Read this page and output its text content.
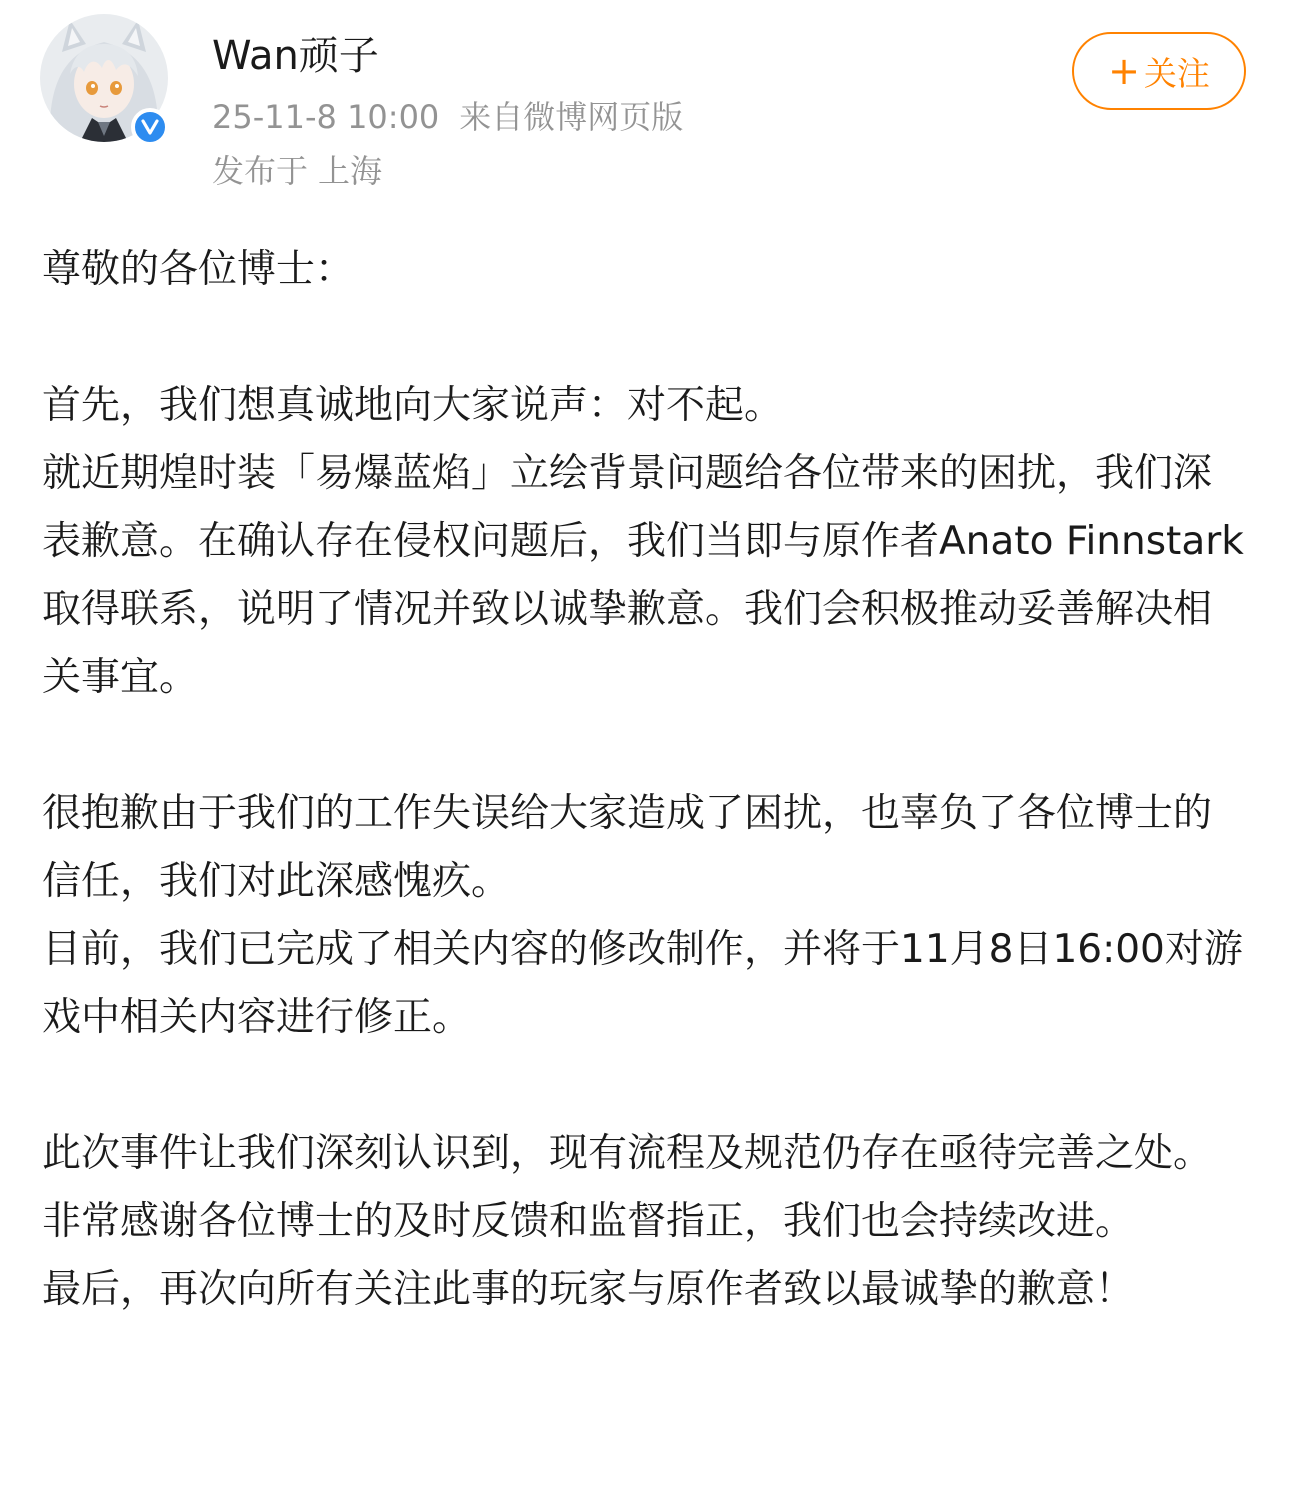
Wan顽子
25-11-8 10:00 来自微博网页版
发布于 上海
+ 关注

尊敬的各位博士：

首先，我们想真诚地向大家说声：对不起。

就近期煌时装「易爆蓝焰」立绘背景问题给各位带来的困扰，我们深表歉意。在确认存在侵权问题后，我们当即与原作者Anato Finnstark取得联系，说明了情况并致以诚挚歉意。我们会积极推动妥善解决相关事宜。

很抱歉由于我们的工作失误给大家造成了困扰，也辜负了各位博士的信任，我们对此深感愧疚。

目前，我们已完成了相关内容的修改制作，并将于11月8日16:00对游戏中相关内容进行修正。

此次事件让我们深刻认识到，现有流程及规范仍存在亟待完善之处。非常感谢各位博士的及时反馈和监督指正，我们也会持续改进。

最后，再次向所有关注此事的玩家与原作者致以最诚挚的歉意！
